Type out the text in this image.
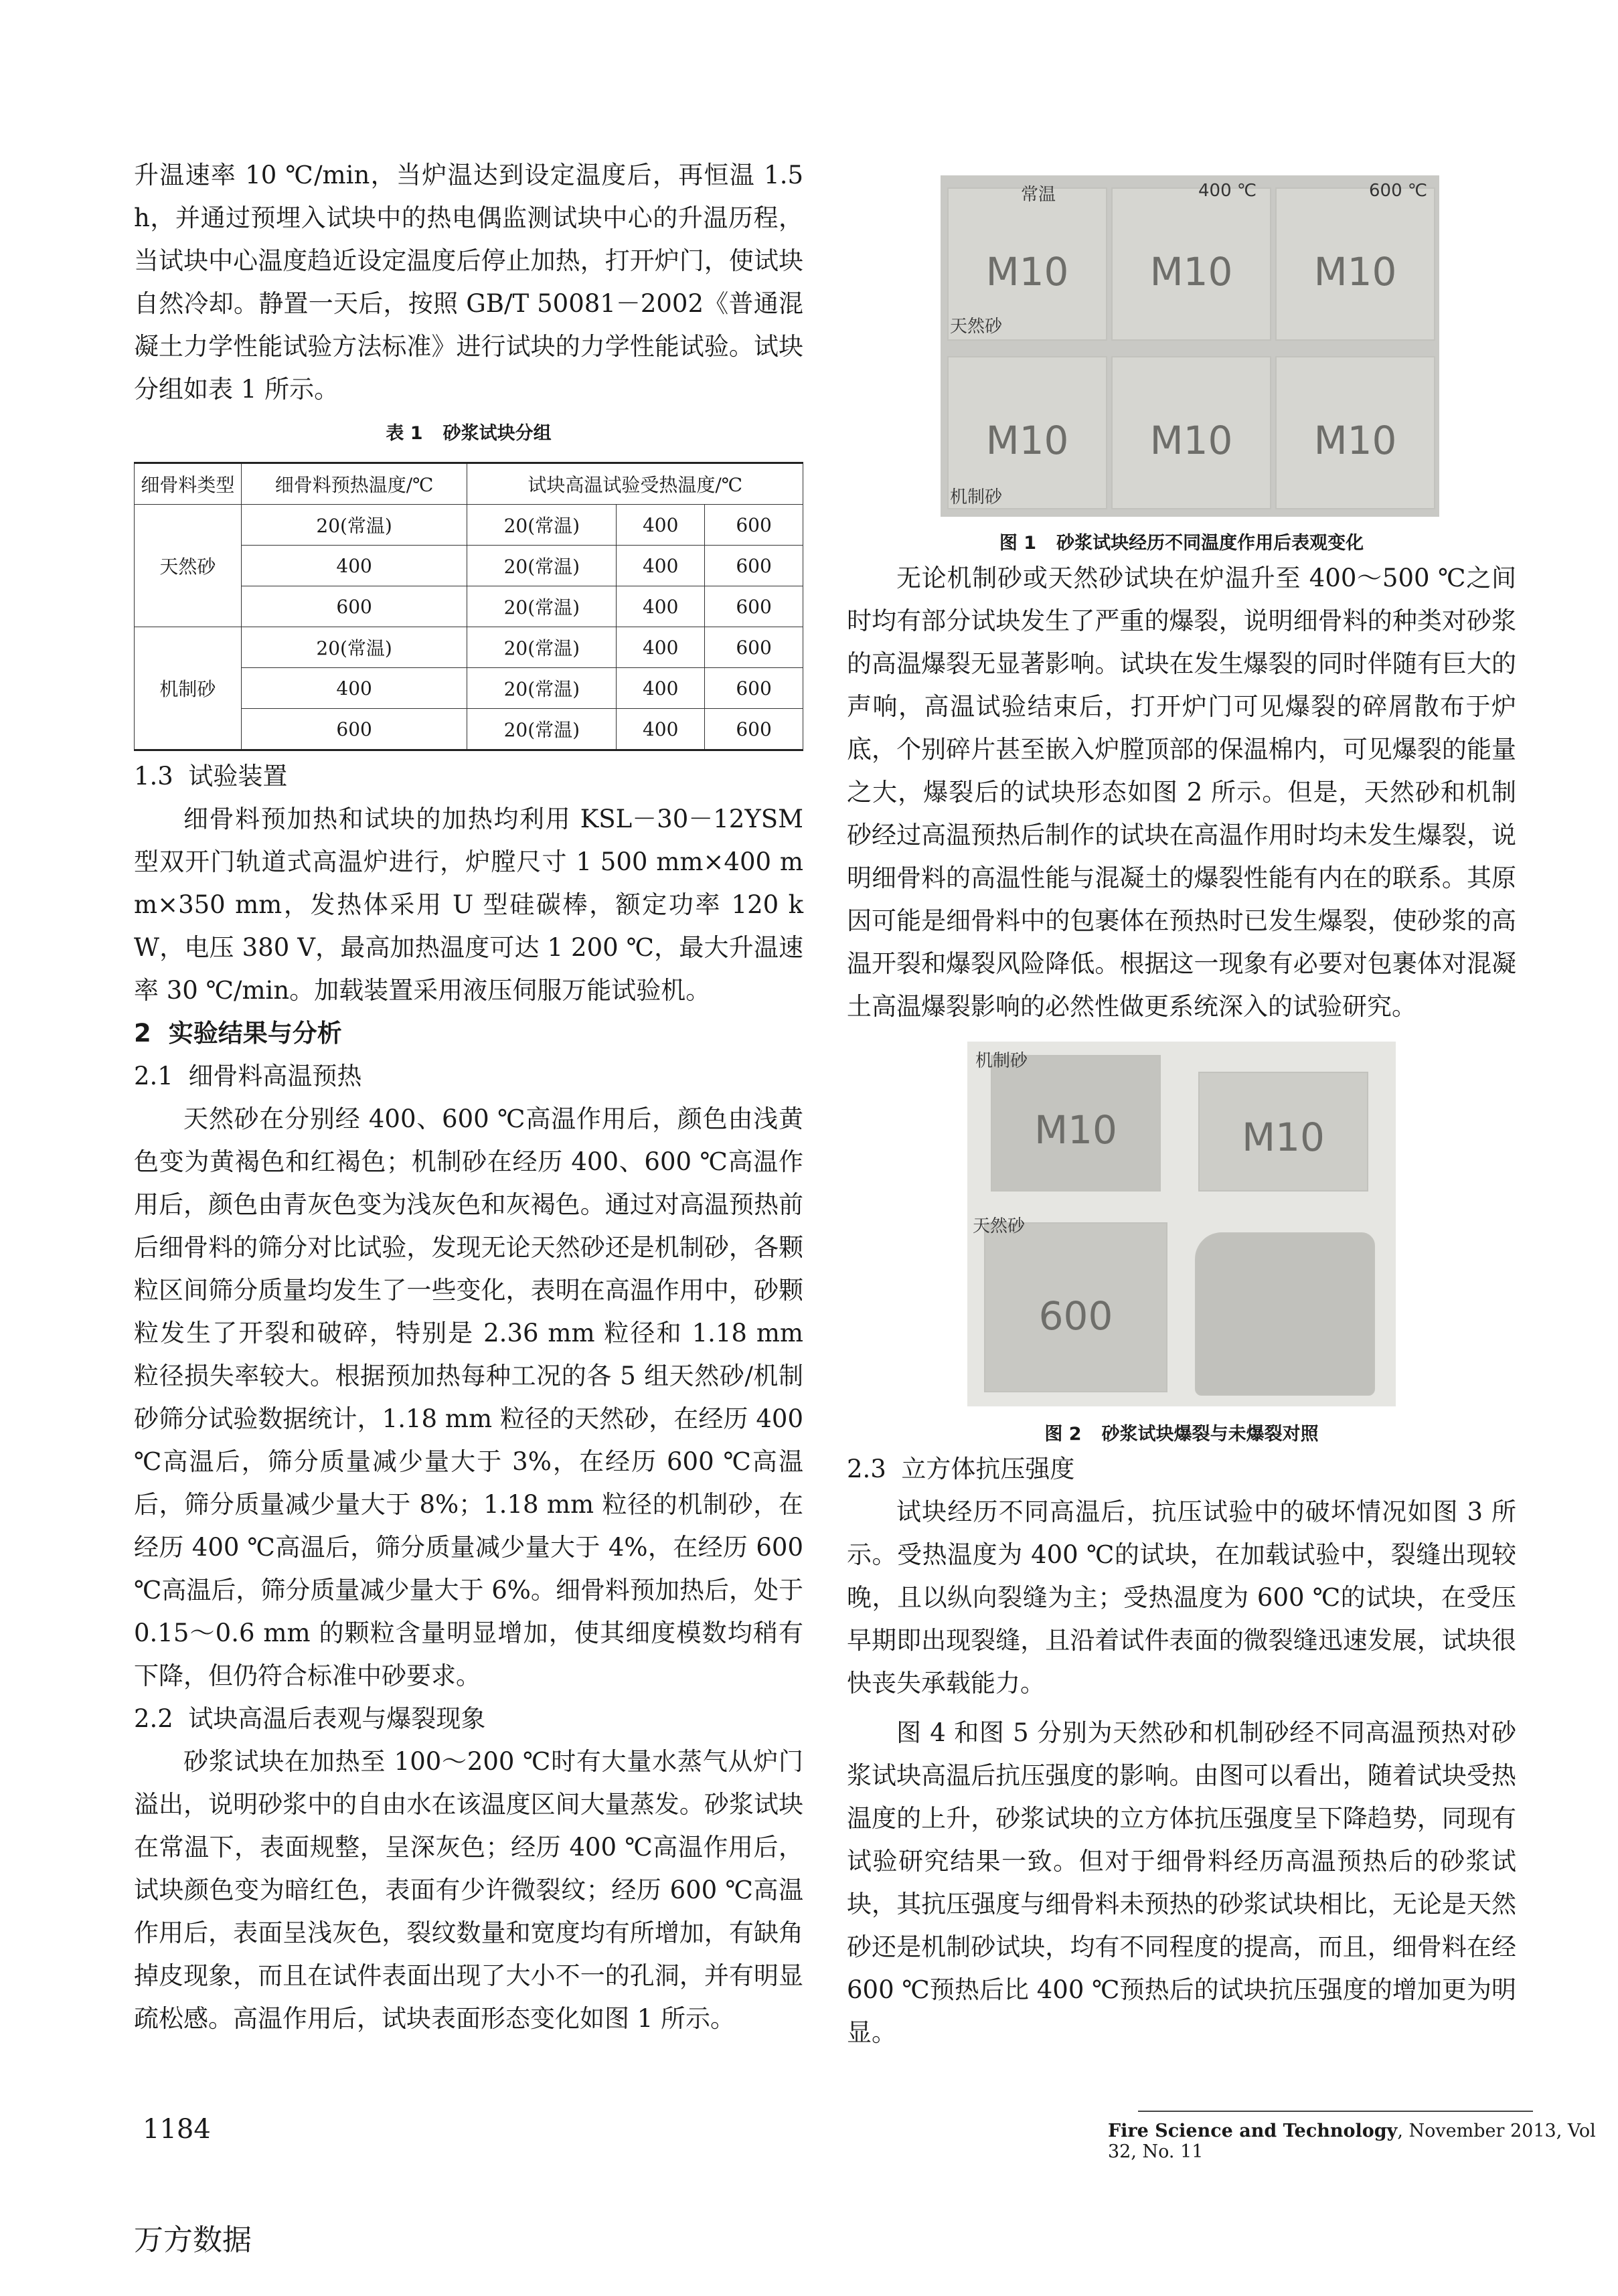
升温速率 10 ℃/min，当炉温达到设定温度后，再恒温 1.5 h，并通过预埋入试块中的热电偶监测试块中心的升温历程，当试块中心温度趋近设定温度后停止加热，打开炉门，使试块自然冷却。静置一天后，按照 GB/T 50081－2002《普通混凝土力学性能试验方法标准》进行试块的力学性能试验。试块分组如表 1 所示。

表 1 砂浆试块分组
细骨料类型	细骨料预热温度/℃	试块高温试验受热温度/℃		
天然砂	20(常温)	20(常温)	400	600
	400	20(常温)	400	600
	600	20(常温)	400	600
机制砂	20(常温)	20(常温)	400	600
	400	20(常温)	400	600
	600	20(常温)	400	600
1.3 试验装置

细骨料预加热和试块的加热均利用 KSL－30－12YSM 型双开门轨道式高温炉进行，炉膛尺寸 1 500 mm×400 mm×350 mm，发热体采用 U 型硅碳棒，额定功率 120 kW，电压 380 V，最高加热温度可达 1 200 ℃，最大升温速率 30 ℃/min。加载装置采用液压伺服万能试验机。

2 实验结果与分析
2.1 细骨料高温预热

天然砂在分别经 400、600 ℃高温作用后，颜色由浅黄色变为黄褐色和红褐色；机制砂在经历 400、600 ℃高温作用后，颜色由青灰色变为浅灰色和灰褐色。通过对高温预热前后细骨料的筛分对比试验，发现无论天然砂还是机制砂，各颗粒区间筛分质量均发生了一些变化，表明在高温作用中，砂颗粒发生了开裂和破碎，特别是 2.36 mm 粒径和 1.18 mm 粒径损失率较大。根据预加热每种工况的各 5 组天然砂/机制砂筛分试验数据统计，1.18 mm 粒径的天然砂，在经历 400 ℃高温后，筛分质量减少量大于 3%，在经历 600 ℃高温后，筛分质量减少量大于 8%；1.18 mm 粒径的机制砂，在经历 400 ℃高温后，筛分质量减少量大于 4%，在经历 600 ℃高温后，筛分质量减少量大于 6%。细骨料预加热后，处于 0.15～0.6 mm 的颗粒含量明显增加，使其细度模数均稍有下降，但仍符合标准中砂要求。

2.2 试块高温后表观与爆裂现象

砂浆试块在加热至 100～200 ℃时有大量水蒸气从炉门溢出，说明砂浆中的自由水在该温度区间大量蒸发。砂浆试块在常温下，表面规整，呈深灰色；经历 400 ℃高温作用后，试块颜色变为暗红色，表面有少许微裂纹；经历 600 ℃高温作用后，表面呈浅灰色，裂纹数量和宽度均有所增加，有缺角掉皮现象，而且在试件表面出现了大小不一的孔洞，并有明显疏松感。高温作用后，试块表面形态变化如图 1 所示。

M10	M10	M10
M10	M10	M10
常温	400 ℃	600 ℃
天然砂
机制砂
图 1 砂浆试块经历不同温度作用后表观变化

无论机制砂或天然砂试块在炉温升至 400～500 ℃之间时均有部分试块发生了严重的爆裂，说明细骨料的种类对砂浆的高温爆裂无显著影响。试块在发生爆裂的同时伴随有巨大的声响，高温试验结束后，打开炉门可见爆裂的碎屑散布于炉底，个别碎片甚至嵌入炉膛顶部的保温棉内，可见爆裂的能量之大，爆裂后的试块形态如图 2 所示。但是，天然砂和机制砂经过高温预热后制作的试块在高温作用时均未发生爆裂，说明细骨料的高温性能与混凝土的爆裂性能有内在的联系。其原因可能是细骨料中的包裹体在预热时已发生爆裂，使砂浆的高温开裂和爆裂风险降低。根据这一现象有必要对包裹体对混凝土高温爆裂影响的必然性做更系统深入的试验研究。

M10	M10
600
机制砂
天然砂
图 2 砂浆试块爆裂与未爆裂对照
2.3 立方体抗压强度

试块经历不同高温后，抗压试验中的破坏情况如图 3 所示。受热温度为 400 ℃的试块，在加载试验中，裂缝出现较晚，且以纵向裂缝为主；受热温度为 600 ℃的试块，在受压早期即出现裂缝，且沿着试件表面的微裂缝迅速发展，试块很快丧失承载能力。

图 4 和图 5 分别为天然砂和机制砂经不同高温预热对砂浆试块高温后抗压强度的影响。由图可以看出，随着试块受热温度的上升，砂浆试块的立方体抗压强度呈下降趋势，同现有试验研究结果一致。但对于细骨料经历高温预热后的砂浆试块，其抗压强度与细骨料未预热的砂浆试块相比，无论是天然砂还是机制砂试块，均有不同程度的提高，而且，细骨料在经 600 ℃预热后比 400 ℃预热后的试块抗压强度的增加更为明显。

1184	Fire Science and Technology, November 2013, Vol 32, No. 11
万方数据
